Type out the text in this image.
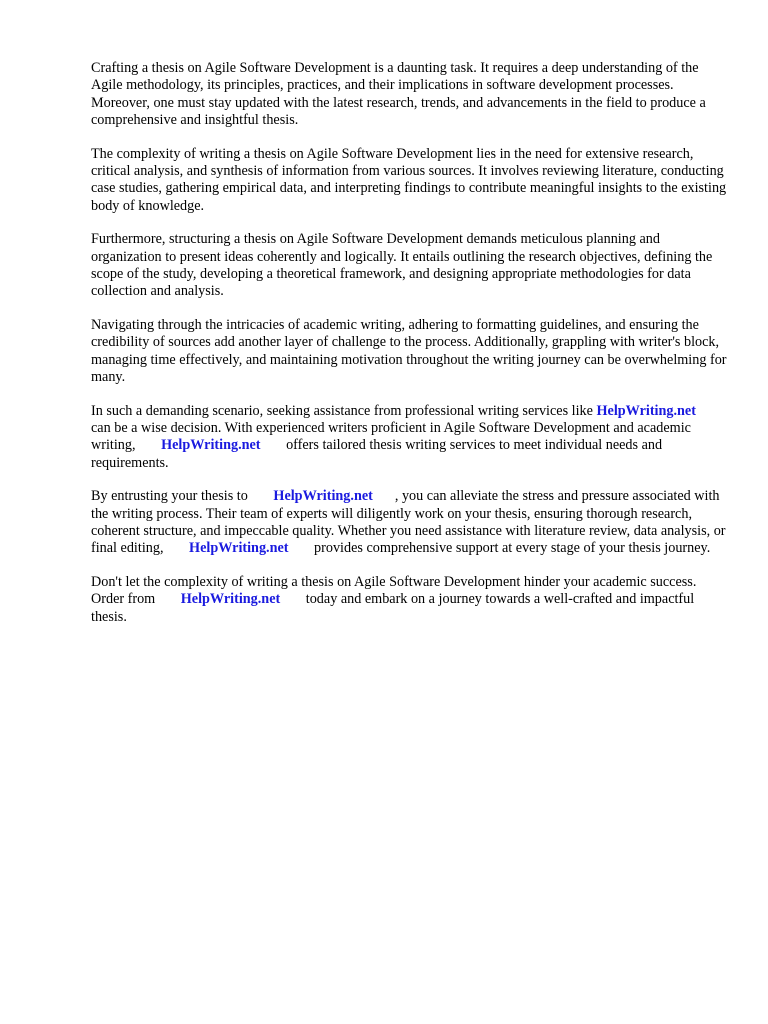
Crafting a thesis on Agile Software Development is a daunting task. It requires a deep understanding of the Agile methodology, its principles, practices, and their implications in software development processes. Moreover, one must stay updated with the latest research, trends, and advancements in the field to produce a comprehensive and insightful thesis.

The complexity of writing a thesis on Agile Software Development lies in the need for extensive research, critical analysis, and synthesis of information from various sources. It involves reviewing literature, conducting case studies, gathering empirical data, and interpreting findings to contribute meaningful insights to the existing body of knowledge.

Furthermore, structuring a thesis on Agile Software Development demands meticulous planning and organization to present ideas coherently and logically. It entails outlining the research objectives, defining the scope of the study, developing a theoretical framework, and designing appropriate methodologies for data collection and analysis.

Navigating through the intricacies of academic writing, adhering to formatting guidelines, and ensuring the credibility of sources add another layer of challenge to the process. Additionally, grappling with writer's block, managing time effectively, and maintaining motivation throughout the writing journey can be overwhelming for many.

In such a demanding scenario, seeking assistance from professional writing services like HelpWriting.net can be a wise decision. With experienced writers proficient in Agile Software Development and academic writing, HelpWriting.net offers tailored thesis writing services to meet individual needs and requirements.

By entrusting your thesis to HelpWriting.net , you can alleviate the stress and pressure associated with the writing process. Their team of experts will diligently work on your thesis, ensuring thorough research, coherent structure, and impeccable quality. Whether you need assistance with literature review, data analysis, or final editing, HelpWriting.net provides comprehensive support at every stage of your thesis journey.

Don't let the complexity of writing a thesis on Agile Software Development hinder your academic success. Order from HelpWriting.net today and embark on a journey towards a well-crafted and impactful thesis.
